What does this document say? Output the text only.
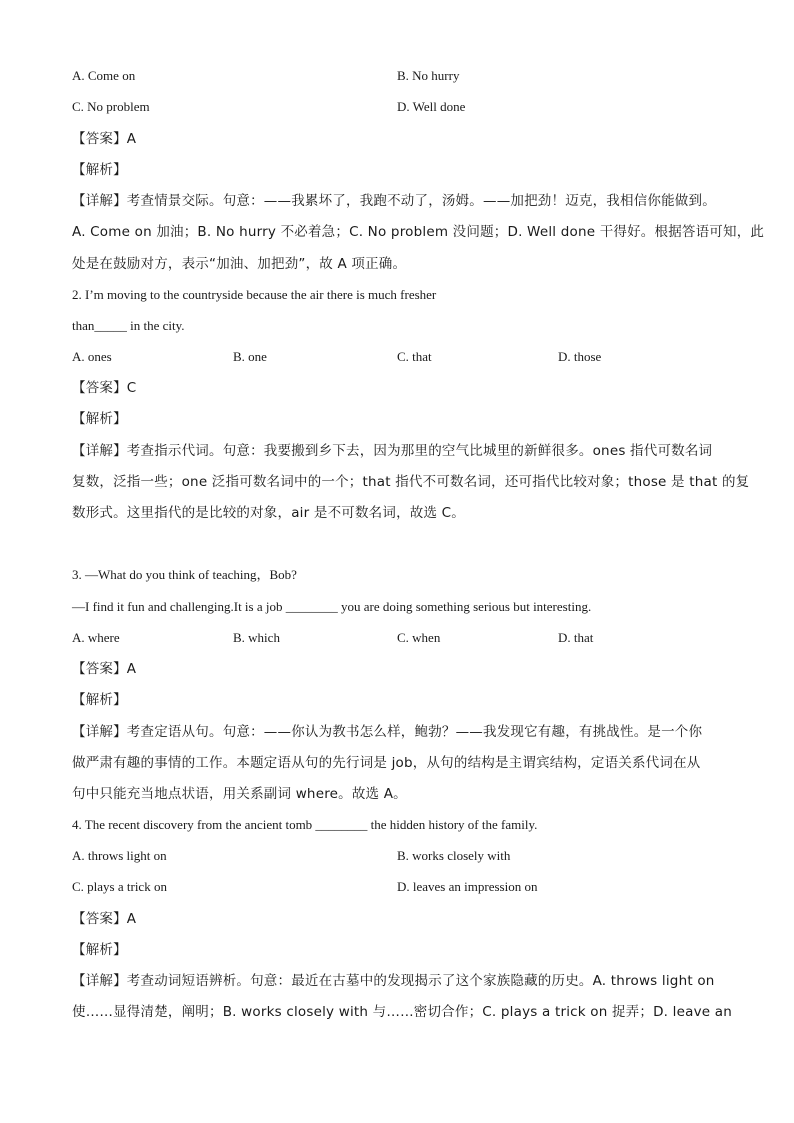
A. Come on	B. No hurry
C. No problem	D. Well done
【答案】A
【解析】
【详解】考查情景交际。句意：——我累坏了，我跑不动了，汤姆。——加把劲！迈克，我相信你能做到。
A. Come on 加油；B. No hurry 不必着急；C. No problem 没问题；D. Well done 干得好。根据答语可知，此
处是在鼓励对方，表示“加油、加把劲”，故 A 项正确。
2. I’m moving to the countryside because the air there is much fresher
than_____ in the city.
A. ones	B. one	C. that	D. those
【答案】C
【解析】
【详解】考查指示代词。句意：我要搬到乡下去，因为那里的空气比城里的新鲜很多。ones 指代可数名词
复数，泛指一些；one 泛指可数名词中的一个；that 指代不可数名词，还可指代比较对象；those 是 that 的复
数形式。这里指代的是比较的对象，air 是不可数名词，故选 C。
3. —What do you think of teaching，Bob?
—I find it fun and challenging.It is a job ________ you are doing something serious but interesting.
A. where	B. which	C. when	D. that
【答案】A
【解析】
【详解】考查定语从句。句意：——你认为教书怎么样，鲍勃？——我发现它有趣，有挑战性。是一个你
做严肃有趣的事情的工作。本题定语从句的先行词是 job，从句的结构是主谓宾结构，定语关系代词在从
句中只能充当地点状语，用关系副词 where。故选 A。
4. The recent discovery from the ancient tomb ________ the hidden history of the family.
A. throws light on	B. works closely with
C. plays a trick on	D. leaves an impression on
【答案】A
【解析】
【详解】考查动词短语辨析。句意：最近在古墓中的发现揭示了这个家族隐藏的历史。A. throws light on
使……显得清楚，阐明；B. works closely with 与……密切合作；C. plays a trick on 捉弄；D. leave an
